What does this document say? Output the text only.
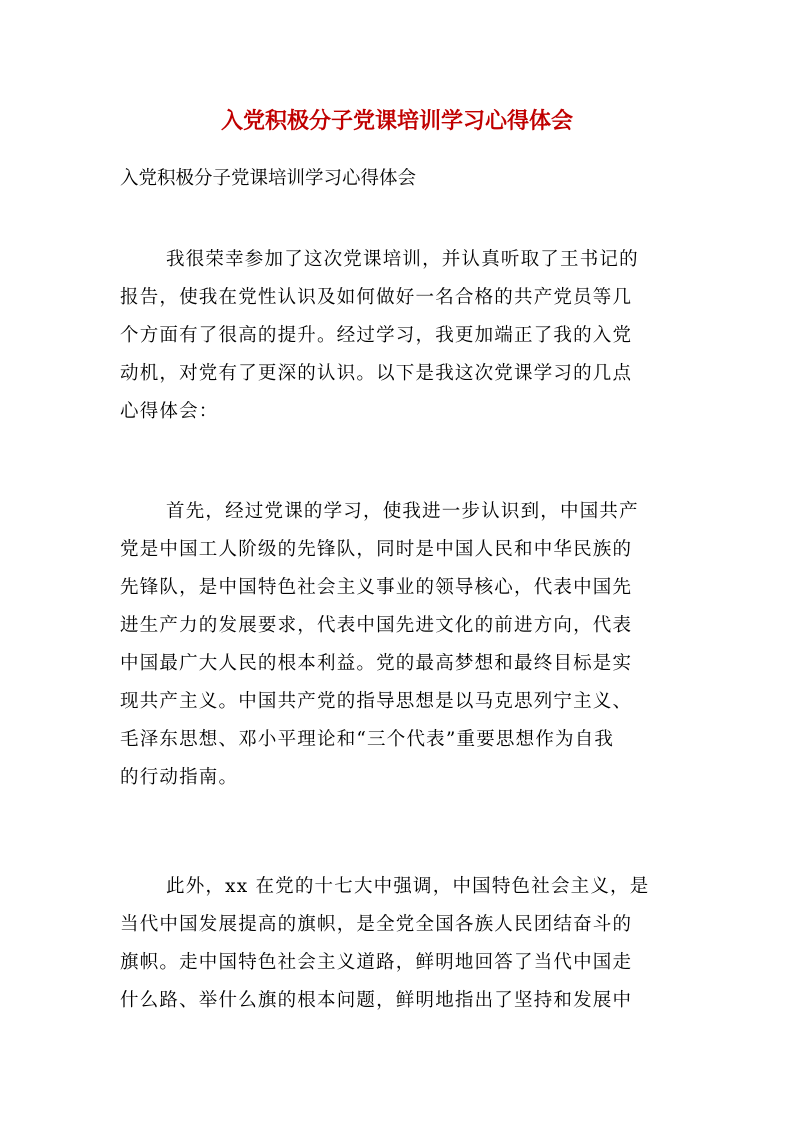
入党积极分子党课培训学习心得体会

入党积极分子党课培训学习心得体会

我很荣幸参加了这次党课培训，并认真听取了王书记的
报告，使我在党性认识及如何做好一名合格的共产党员等几
个方面有了很高的提升。经过学习，我更加端正了我的入党
动机，对党有了更深的认识。以下是我这次党课学习的几点
心得体会：
首先，经过党课的学习，使我进一步认识到，中国共产
党是中国工人阶级的先锋队，同时是中国人民和中华民族的
先锋队，是中国特色社会主义事业的领导核心，代表中国先
进生产力的发展要求，代表中国先进文化的前进方向，代表
中国最广大人民的根本利益。党的最高梦想和最终目标是实
现共产主义。中国共产党的指导思想是以马克思列宁主义、
毛泽东思想、邓小平理论和“三个代表”重要思想作为自我
的行动指南。
此外，xx 在党的十七大中强调，中国特色社会主义，是
当代中国发展提高的旗帜，是全党全国各族人民团结奋斗的
旗帜。走中国特色社会主义道路，鲜明地回答了当代中国走
什么路、举什么旗的根本问题，鲜明地指出了坚持和发展中
